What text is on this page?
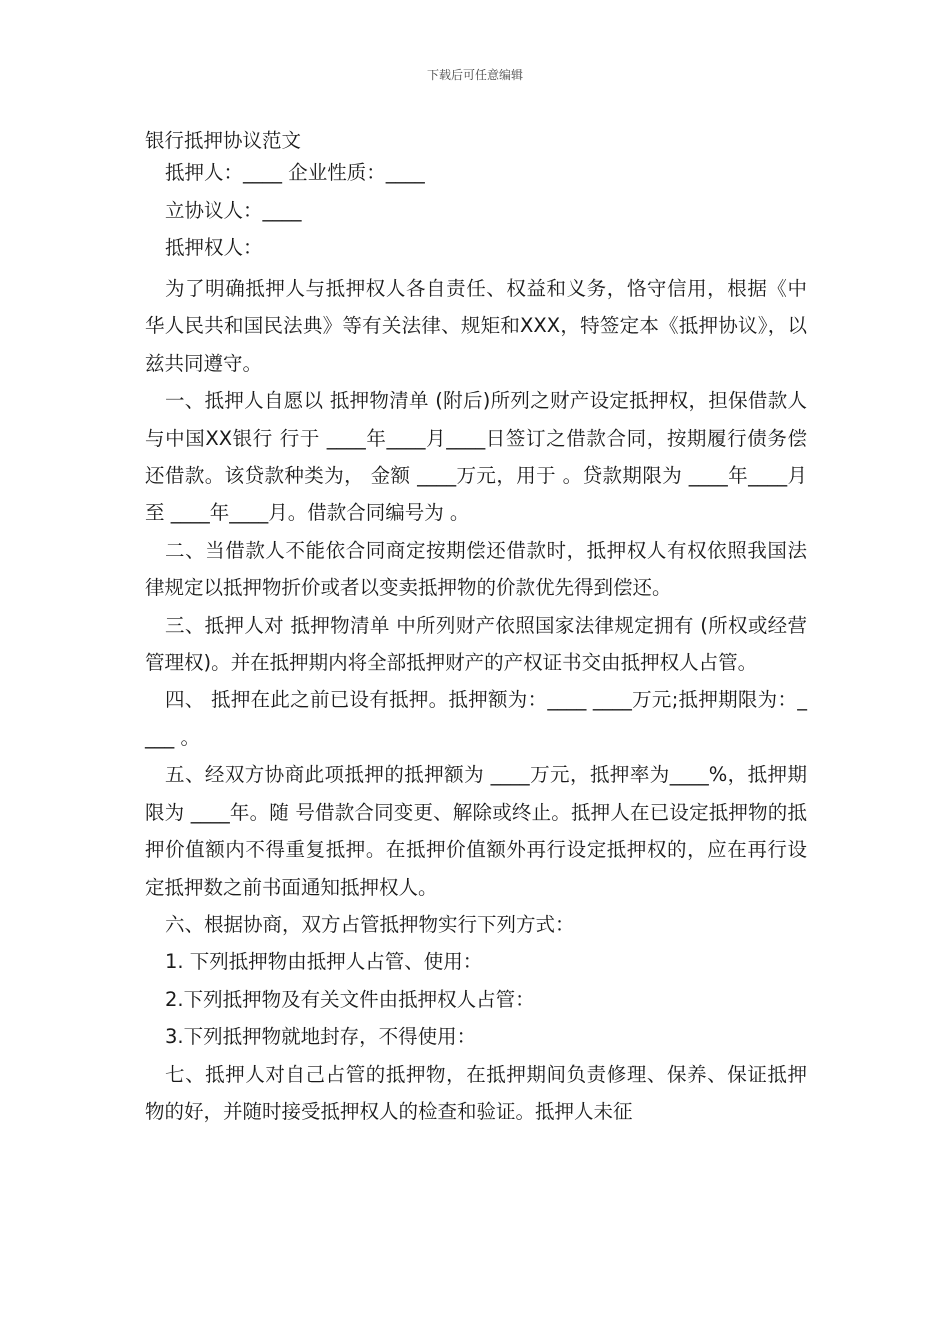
下载后可任意编辑
银行抵押协议范文
抵押人：____ 企业性质：____
立协议人：____
抵押权人：

为了明确抵押人与抵押权人各自责任、权益和义务，恪守信用，根据《中华人民共和国民法典》等有关法律、规矩和XXX，特签定本《抵押协议》，以兹共同遵守。

一、抵押人自愿以 抵押物清单 (附后)所列之财产设定抵押权，担保借款人 与中国XX银行 行于 ____年____月____日签订之借款合同，按期履行债务偿还借款。该贷款种类为， 金额 ____万元，用于 。贷款期限为 ____年____月至 ____年____月。借款合同编号为 。

二、当借款人不能依合同商定按期偿还借款时，抵押权人有权依照我国法律规定以抵押物折价或者以变卖抵押物的价款优先得到偿还。

三、抵押人对 抵押物清单 中所列财产依照国家法律规定拥有 (所权或经营管理权)。并在抵押期内将全部抵押财产的产权证书交由抵押权人占管。

四、 抵押在此之前已设有抵押。抵押额为：____ ____万元;抵押期限为：____ 。

五、经双方协商此项抵押的抵押额为 ____万元，抵押率为____%，抵押期限为 ____年。随 号借款合同变更、解除或终止。抵押人在已设定抵押物的抵押价值额内不得重复抵押。在抵押价值额外再行设定抵押权的，应在再行设定抵押数之前书面通知抵押权人。

六、根据协商，双方占管抵押物实行下列方式：

1. 下列抵押物由抵押人占管、使用：

2.下列抵押物及有关文件由抵押权人占管：

3.下列抵押物就地封存，不得使用：

七、抵押人对自己占管的抵押物，在抵押期间负责修理、保养、保证抵押物的好，并随时接受抵押权人的检查和验证。抵押人未征
